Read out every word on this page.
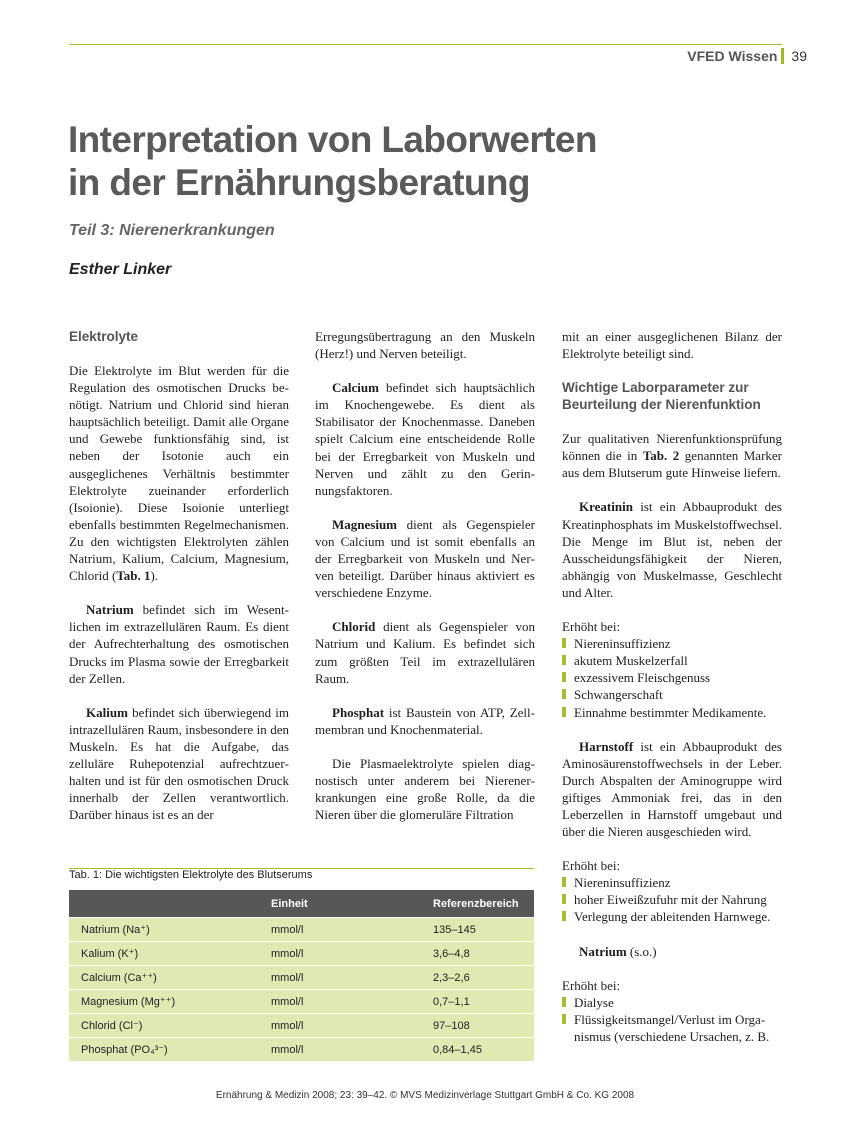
VFED Wissen 39
Interpretation von Laborwerten
in der Ernährungsberatung
Teil 3: Nierenerkrankungen
Esther Linker
Elektrolyte

Die Elektrolyte im Blut werden für die Regulation des osmotischen Drucks benötigt. Natrium und Chlorid sind hieran hauptsächlich beteiligt. Damit alle Organe und Gewebe funktionsfähig sind, ist neben der Isotonie auch ein ausgeglichenes Verhältnis bestimmter Elektrolyte zueinander erforderlich (Isoionie). Diese Isoionie unterliegt ebenfalls bestimmten Regelmechanismen. Zu den wichtigsten Elektrolyten zählen Natrium, Kalium, Calcium, Magnesium, Chlorid (Tab. 1).

Natrium befindet sich im Wesentlichen im extrazellulären Raum. Es dient der Aufrechterhaltung des osmotischen Drucks im Plasma sowie der Erregbarkeit der Zellen.

Kalium befindet sich überwiegend im intrazellulären Raum, insbesondere in den Muskeln. Es hat die Aufgabe, das zelluläre Ruhepotenzial aufrechtzuerhalten und ist für den osmotischen Druck innerhalb der Zellen verantwortlich. Darüber hinaus ist es an der

Erregungsübertragung an den Muskeln (Herz!) und Nerven beteiligt.

Calcium befindet sich hauptsächlich im Knochengewebe. Es dient als Stabilisator der Knochenmasse. Daneben spielt Calcium eine entscheidende Rolle bei der Erregbarkeit von Muskeln und Nerven und zählt zu den Gerinnungsfaktoren.

Magnesium dient als Gegenspieler von Calcium und ist somit ebenfalls an der Erregbarkeit von Muskeln und Nerven beteiligt. Darüber hinaus aktiviert es verschiedene Enzyme.

Chlorid dient als Gegenspieler von Natrium und Kalium. Es befindet sich zum größten Teil im extrazellulären Raum.

Phosphat ist Baustein von ATP, Zellmembran und Knochenmaterial.

Die Plasmaelektrolyte spielen diagnostisch unter anderem bei Nierenerkrankungen eine große Rolle, da die Nieren über die glomeruläre Filtration

mit an einer ausgeglichenen Bilanz der Elektrolyte beteiligt sind.

Wichtige Laborparameter zur Beurteilung der Nierenfunktion

Zur qualitativen Nierenfunktionsprüfung können die in Tab. 2 genannten Marker aus dem Blutserum gute Hinweise liefern.

Kreatinin ist ein Abbauprodukt des Kreatinphosphats im Muskelstoffwechsel. Die Menge im Blut ist, neben der Ausscheidungsfähigkeit der Nieren, abhängig von Muskelmasse, Geschlecht und Alter.

Erhöht bei:

Niereninsuffizienz
akutem Muskelzerfall
exzessivem Fleischgenuss
Schwangerschaft
Einnahme bestimmter Medikamente.

Harnstoff ist ein Abbauprodukt des Aminosäurenstoffwechsels in der Leber. Durch Abspalten der Aminogruppe wird giftiges Ammoniak frei, das in den Leberzellen in Harnstoff umgebaut und über die Nieren ausgeschieden wird.

Erhöht bei:

Niereninsuffizienz
hoher Eiweißzufuhr mit der Nahrung
Verlegung der ableitenden Harnwege.

Natrium (s.o.)

Erhöht bei:

Dialyse
Flüssigkeitsmangel/Verlust im Organismus (verschiedene Ursachen, z. B.
Tab. 1: Die wichtigsten Elektrolyte des Blutserums
	Einheit	Referenzbereich
Natrium (Na⁺)	mmol/l	135–145
Kalium (K⁺)	mmol/l	3,6–4,8
Calcium (Ca⁺⁺)	mmol/l	2,3–2,6
Magnesium (Mg⁺⁺)	mmol/l	0,7–1,1
Chlorid (Cl⁻)	mmol/l	97–108
Phosphat (PO₄³⁻)	mmol/l	0,84–1,45
Ernährung & Medizin 2008; 23: 39–42. © MVS Medizinverlage Stuttgart GmbH & Co. KG 2008
